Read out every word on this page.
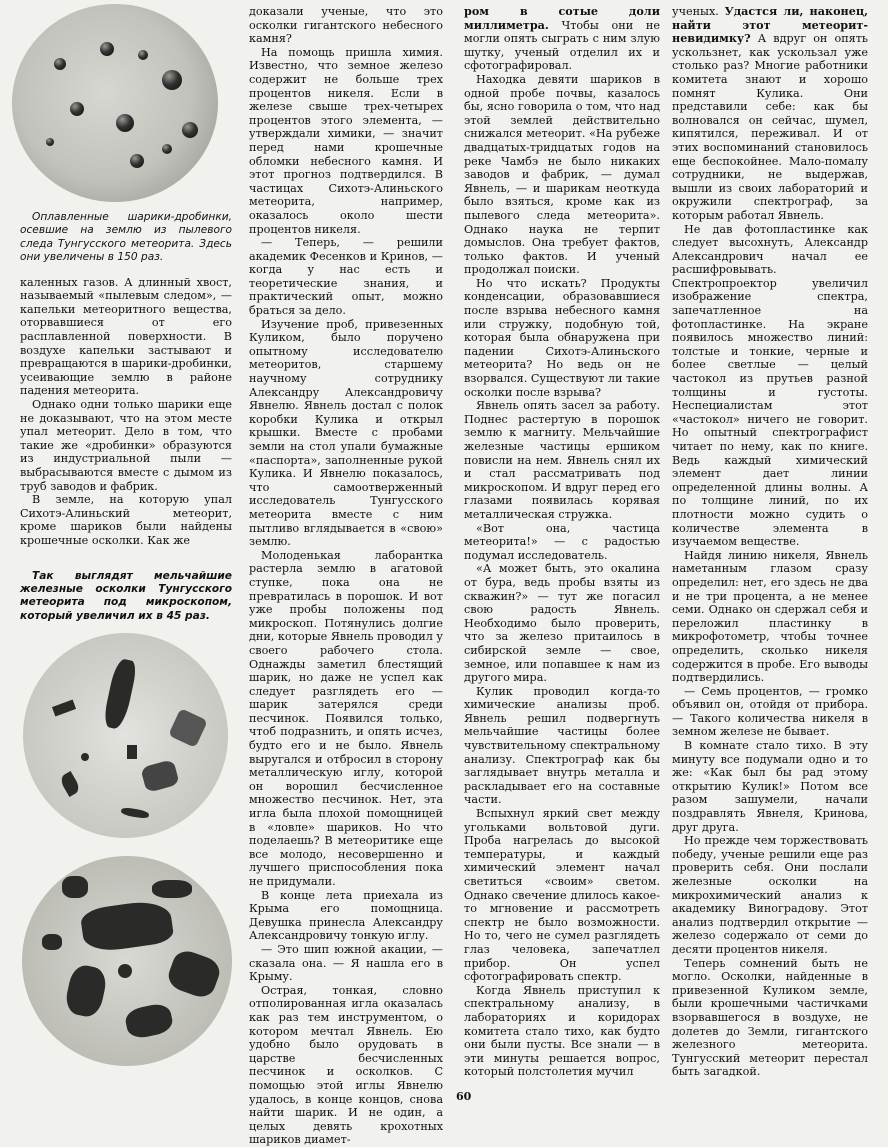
Оплавленные шарики-дробинки, осевшие на землю из пылевого следа Тунгусского метеорита. Здесь они увеличены в 150 раз.

каленных газов. А длинный хвост, называемый «пылевым следом», — капельки метеоритного вещества, оторвавшиеся от его расплавленной поверхности. В воздухе капельки застывают и превращаются в шарики-дробинки, усеивающие землю в районе падения метеорита.

Однако одни только шарики еще не доказывают, что на этом месте упал метеорит. Дело в том, что такие же «дробинки» образуются из индустриальной пыли — выбрасываются вместе с дымом из труб заводов и фабрик.

В земле, на которую упал Сихотэ-Алиньский метеорит, кроме шариков были найдены крошечные осколки. Как же

Так выглядят мельчайшие железные осколки Тунгусского метеорита под микроскопом, который увеличил их в 45 раз.

доказали ученые, что это осколки гигантского небесного камня?

На помощь пришла химия. Известно, что земное железо содержит не больше трех процентов никеля. Если в железе свыше трех-четырех процентов этого элемента, — утверждали химики, — значит перед нами крошечные обломки небесного камня. И этот прогноз подтвердился. В частицах Сихотэ-Алиньского метеорита, например, оказалось около шести процентов никеля.

— Теперь, — решили академик Фесенков и Кринов, — когда у нас есть и теоретические знания, и практический опыт, можно браться за дело.

Изучение проб, привезенных Куликом, было поручено опытному исследователю метеоритов, старшему научному сотруднику Александру Александровичу Явнелю. Явнель достал с полок коробки Кулика и открыл крышки. Вместе с пробами земли на стол упали бумажные «паспорта», заполненные рукой Кулика. И Явнелю показалось, что самоотверженный исследователь Тунгусского метеорита вместе с ним пытливо вглядывается в «свою» землю.

Молоденькая лаборантка растерла землю в агатовой ступке, пока она не превратилась в порошок. И вот уже пробы положены под микроскоп. Потянулись долгие дни, которые Явнель проводил у своего рабочего стола. Однажды заметил блестящий шарик, но даже не успел как следует разглядеть его — шарик затерялся среди песчинок. Появился только, чтоб подразнить, и опять исчез, будто его и не было. Явнель выругался и отбросил в сторону металлическую иглу, которой он ворошил бесчисленное множество песчинок. Нет, эта игла была плохой помощницей в «ловле» шариков. Но что поделаешь? В метеоритике еще все молодо, несовершенно и лучшего приспособления пока не придумали.

В конце лета приехала из Крыма его помощница. Девушка принесла Александру Александровичу тонкую иглу.

— Это шип южной акации, — сказала она. — Я нашла его в Крыму.

Острая, тонкая, словно отполированная игла оказалась как раз тем инструментом, о котором мечтал Явнель. Ею удобно было орудовать в царстве бесчисленных песчинок и осколков. С помощью этой иглы Явнелю удалось, в конце концов, снова найти шарик. И не один, а целых девять крохотных шариков диамет-

ром в сотые доли миллиметра. Чтобы они не могли опять сыграть с ним злую шутку, ученый отделил их и сфотографировал.

Находка девяти шариков в одной пробе почвы, казалось бы, ясно говорила о том, что над этой землей действительно снижался метеорит. «На рубеже двадцатых-тридцатых годов на реке Чамбэ не было никаких заводов и фабрик, — думал Явнель, — и шарикам неоткуда было взяться, кроме как из пылевого следа метеорита». Однако наука не терпит домыслов. Она требует фактов, только фактов. И ученый продолжал поиски.

Но что искать? Продукты конденсации, образовавшиеся после взрыва небесного камня или стружку, подобную той, которая была обнаружена при падении Сихотэ-Алиньского метеорита? Но ведь он не взорвался. Существуют ли такие осколки после взрыва?

Явнель опять засел за работу. Поднес растертую в порошок землю к магниту. Мельчайшие железные частицы ершиком повисли на нем. Явнель снял их и стал рассматривать под микроскопом. И вдруг перед его глазами появилась корявая металлическая стружка.

«Вот она, частица метеорита!» — с радостью подумал исследователь.

«А может быть, это окалина от бура, ведь пробы взяты из скважин?» — тут же погасил свою радость Явнель. Необходимо было проверить, что за железо притаилось в сибирской земле — свое, земное, или попавшее к нам из другого мира.

Кулик проводил когда-то химические анализы проб. Явнель решил подвергнуть мельчайшие частицы более чувствительному спектральному анализу. Спектрограф как бы заглядывает внутрь металла и раскладывает его на составные части.

Вспыхнул яркий свет между угольками вольтовой дуги. Проба нагрелась до высокой температуры, и каждый химический элемент начал светиться «своим» светом. Однако свечение длилось какое-то мгновение и рассмотреть спектр не было возможности. Но то, чего не сумел разглядеть глаз человека, запечатлел прибор. Он успел сфотографировать спектр.

Когда Явнель приступил к спектральному анализу, в лабораториях и коридорах комитета стало тихо, как будто они были пусты. Все знали — в эти минуты решается вопрос, который полстолетия мучил

ученых. Удастся ли, наконец, найти этот метеорит-невидимку? А вдруг он опять ускользнет, как ускользал уже столько раз? Многие работники комитета знают и хорошо помнят Кулика. Они представили себе: как бы волновался он сейчас, шумел, кипятился, переживал. И от этих воспоминаний становилось еще беспокойнее. Мало-помалу сотрудники, не выдержав, вышли из своих лабораторий и окружили спектрограф, за которым работал Явнель.

Не дав фотопластинке как следует высохнуть, Александр Александрович начал ее расшифровывать. Спектропроектор увеличил изображение спектра, запечатленное на фотопластинке. На экране появилось множество линий: толстые и тонкие, черные и более светлые — целый частокол из прутьев разной толщины и густоты. Неспециалистам этот «частокол» ничего не говорит. Но опытный спектрографист читает по нему, как по книге. Ведь каждый химический элемент дает линии определенной длины волны. А по толщине линий, по их плотности можно судить о количестве элемента в изучаемом веществе.

Найдя линию никеля, Явнель наметанным глазом сразу определил: нет, его здесь не два и не три процента, а не менее семи. Однако он сдержал себя и переложил пластинку в микрофотометр, чтобы точнее определить, сколько никеля содержится в пробе. Его выводы подтвердились.

— Семь процентов, — громко объявил он, отойдя от прибора. — Такого количества никеля в земном железе не бывает.

В комнате стало тихо. В эту минуту все подумали одно и то же: «Как был бы рад этому открытию Кулик!» Потом все разом зашумели, начали поздравлять Явнеля, Кринова, друг друга.

Но прежде чем торжествовать победу, ученые решили еще раз проверить себя. Они послали железные осколки на микрохимический анализ к академику Виноградову. Этот анализ подтвердил открытие — железо содержало от семи до десяти процентов никеля.

Теперь сомнений быть не могло. Осколки, найденные в привезенной Куликом земле, были крошечными частичками взорвавшегося в воздухе, не долетев до Земли, гигантского железного метеорита. Тунгусский метеорит перестал быть загадкой.

60
